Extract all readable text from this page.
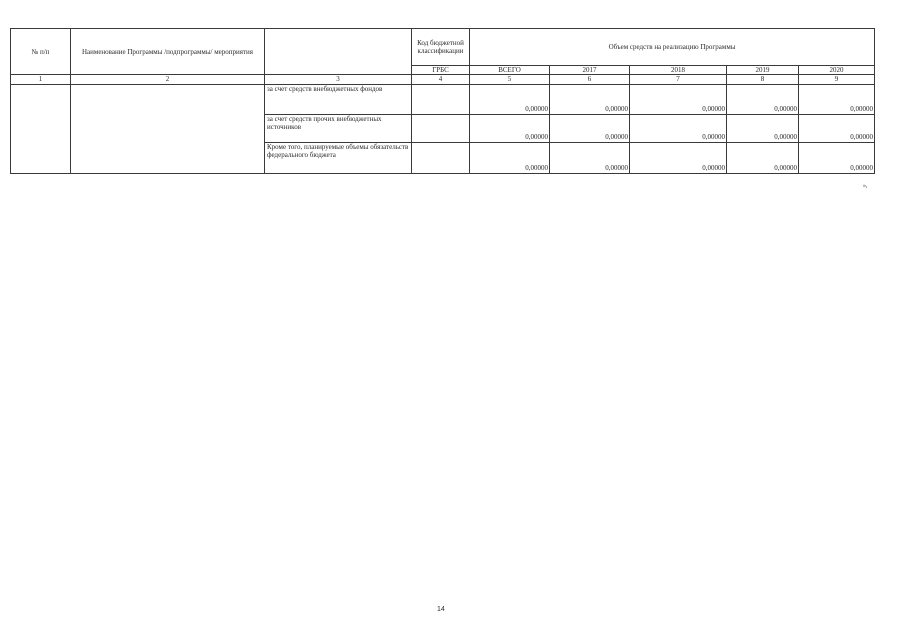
№ п/п	Наименование Программы /подпрограммы/ мероприятия		Код бюджетной классификации	Объем средств на реализацию Программы				
			ГРБС	ВСЕГО	2017	2018	2019	2020
1	2	3	4	5	6	7	8	9
		за счет средств внебюджетных фондов		0,00000	0,00000	0,00000	0,00000	0,00000
		за счет средств прочих внебюджетных источников		0,00000	0,00000	0,00000	0,00000	0,00000
		Кроме того, планируемые объемы обязательств федерального бюджета		0,00000	0,00000	0,00000	0,00000	0,00000
»,
14
